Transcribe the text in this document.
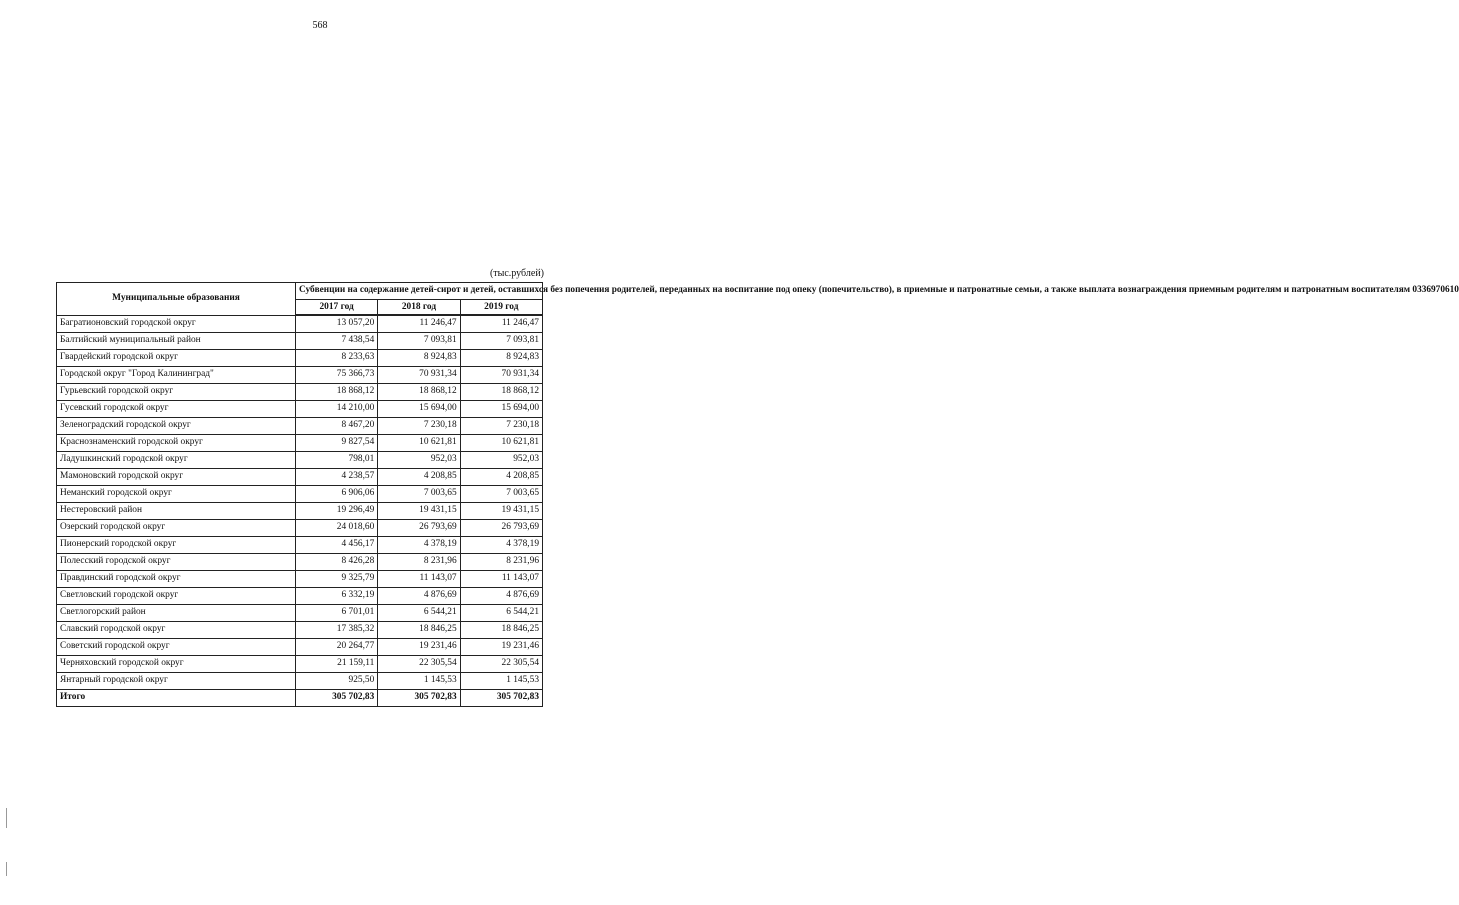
568
(тыс.рублей)
Муниципальные образования	Субвенции на содержание детей-сирот и детей, оставшихся без попечения родителей, переданных на воспитание под опеку (попечительство), в приемные и патронатные семьи, а также выплата вознаграждения приемным родителям и патронатным воспитателям 0336970610		
	2017 год	2018 год	2019 год
Багратионовский городской округ	13 057,20	11 246,47	11 246,47
Балтийский муниципальный район	7 438,54	7 093,81	7 093,81
Гвардейский городской округ	8 233,63	8 924,83	8 924,83
Городской округ "Город Калининград"	75 366,73	70 931,34	70 931,34
Гурьевский городской округ	18 868,12	18 868,12	18 868,12
Гусевский городской округ	14 210,00	15 694,00	15 694,00
Зеленоградский городской округ	8 467,20	7 230,18	7 230,18
Краснознаменский городской округ	9 827,54	10 621,81	10 621,81
Ладушкинский городской округ	798,01	952,03	952,03
Мамоновский городской округ	4 238,57	4 208,85	4 208,85
Неманский городской округ	6 906,06	7 003,65	7 003,65
Нестеровский район	19 296,49	19 431,15	19 431,15
Озерский городской округ	24 018,60	26 793,69	26 793,69
Пионерский городской округ	4 456,17	4 378,19	4 378,19
Полесский городской округ	8 426,28	8 231,96	8 231,96
Правдинский городской округ	9 325,79	11 143,07	11 143,07
Светловский городской округ	6 332,19	4 876,69	4 876,69
Светлогорский район	6 701,01	6 544,21	6 544,21
Славский городской округ	17 385,32	18 846,25	18 846,25
Советский городской округ	20 264,77	19 231,46	19 231,46
Черняховский городской округ	21 159,11	22 305,54	22 305,54
Янтарный городской округ	925,50	1 145,53	1 145,53
Итого	305 702,83	305 702,83	305 702,83
